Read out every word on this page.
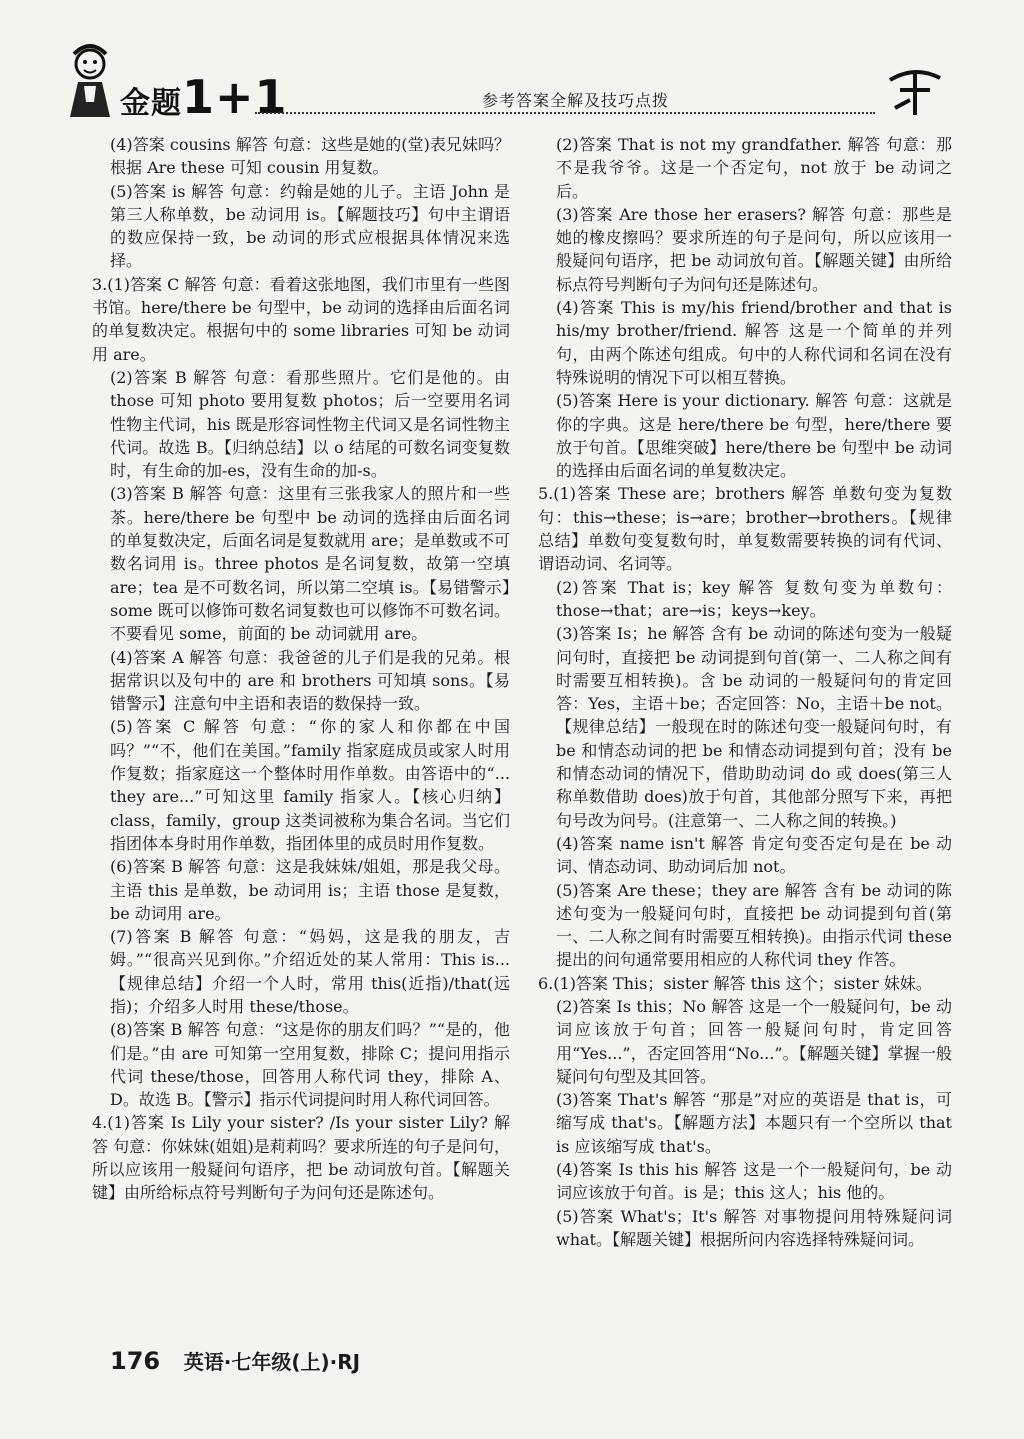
金题1+1	参考答案全解及技巧点拨

(4)答案 cousins 解答 句意：这些是她的(堂)表兄妹吗？根据 Are these 可知 cousin 用复数。

(5)答案 is 解答 句意：约翰是她的儿子。主语 John 是第三人称单数，be 动词用 is。【解题技巧】句中主谓语的数应保持一致，be 动词的形式应根据具体情况来选择。

3.(1)答案 C 解答 句意：看着这张地图，我们市里有一些图书馆。here/there be 句型中，be 动词的选择由后面名词的单复数决定。根据句中的 some libraries 可知 be 动词用 are。

(2)答案 B 解答 句意：看那些照片。它们是他的。由 those 可知 photo 要用复数 photos；后一空要用名词性物主代词，his 既是形容词性物主代词又是名词性物主代词。故选 B。【归纳总结】以 o 结尾的可数名词变复数时，有生命的加-es，没有生命的加-s。

(3)答案 B 解答 句意：这里有三张我家人的照片和一些茶。here/there be 句型中 be 动词的选择由后面名词的单复数决定，后面名词是复数就用 are；是单数或不可数名词用 is。three photos 是名词复数，故第一空填 are；tea 是不可数名词，所以第二空填 is。【易错警示】some 既可以修饰可数名词复数也可以修饰不可数名词。不要看见 some，前面的 be 动词就用 are。

(4)答案 A 解答 句意：我爸爸的儿子们是我的兄弟。根据常识以及句中的 are 和 brothers 可知填 sons。【易错警示】注意句中主语和表语的数保持一致。

(5)答案 C 解答 句意：“你的家人和你都在中国吗？”“不，他们在美国。”family 指家庭成员或家人时用作复数；指家庭这一个整体时用作单数。由答语中的“... they are...”可知这里 family 指家人。【核心归纳】class，family，group 这类词被称为集合名词。当它们指团体本身时用作单数，指团体里的成员时用作复数。

(6)答案 B 解答 句意：这是我妹妹/姐姐，那是我父母。主语 this 是单数，be 动词用 is；主语 those 是复数，be 动词用 are。

(7)答案 B 解答 句意：“妈妈，这是我的朋友，吉姆。”“很高兴见到你。”介绍近处的某人常用：This is...【规律总结】介绍一个人时，常用 this(近指)/that(远指)；介绍多人时用 these/those。

(8)答案 B 解答 句意：“这是你的朋友们吗？”“是的，他们是。”由 are 可知第一空用复数，排除 C；提问用指示代词 these/those，回答用人称代词 they，排除 A、D。故选 B。【警示】指示代词提问时用人称代词回答。

4.(1)答案 Is Lily your sister? /Is your sister Lily? 解答 句意：你妹妹(姐姐)是莉莉吗？要求所连的句子是问句，所以应该用一般疑问句语序，把 be 动词放句首。【解题关键】由所给标点符号判断句子为问句还是陈述句。

(2)答案 That is not my grandfather. 解答 句意：那不是我爷爷。这是一个否定句，not 放于 be 动词之后。

(3)答案 Are those her erasers? 解答 句意：那些是她的橡皮擦吗？要求所连的句子是问句，所以应该用一般疑问句语序，把 be 动词放句首。【解题关键】由所给标点符号判断句子为问句还是陈述句。

(4)答案 This is my/his friend/brother and that is his/my brother/friend. 解答 这是一个简单的并列句，由两个陈述句组成。句中的人称代词和名词在没有特殊说明的情况下可以相互替换。

(5)答案 Here is your dictionary. 解答 句意：这就是你的字典。这是 here/there be 句型，here/there 要放于句首。【思维突破】here/there be 句型中 be 动词的选择由后面名词的单复数决定。

5.(1)答案 These are；brothers 解答 单数句变为复数句：this→these；is→are；brother→brothers。【规律总结】单数句变复数句时，单复数需要转换的词有代词、谓语动词、名词等。

(2)答案 That is；key 解答 复数句变为单数句：those→that；are→is；keys→key。

(3)答案 Is；he 解答 含有 be 动词的陈述句变为一般疑问句时，直接把 be 动词提到句首(第一、二人称之间有时需要互相转换)。含 be 动词的一般疑问句的肯定回答：Yes，主语＋be；否定回答：No，主语＋be not。【规律总结】一般现在时的陈述句变一般疑问句时，有 be 和情态动词的把 be 和情态动词提到句首；没有 be 和情态动词的情况下，借助助动词 do 或 does(第三人称单数借助 does)放于句首，其他部分照写下来，再把句号改为问号。(注意第一、二人称之间的转换。)

(4)答案 name isn't 解答 肯定句变否定句是在 be 动词、情态动词、助动词后加 not。

(5)答案 Are these；they are 解答 含有 be 动词的陈述句变为一般疑问句时，直接把 be 动词提到句首(第一、二人称之间有时需要互相转换)。由指示代词 these 提出的问句通常要用相应的人称代词 they 作答。

6.(1)答案 This；sister 解答 this 这个；sister 妹妹。

(2)答案 Is this；No 解答 这是一个一般疑问句，be 动词应该放于句首；回答一般疑问句时，肯定回答用“Yes...”，否定回答用“No...”。【解题关键】掌握一般疑问句句型及其回答。

(3)答案 That's 解答 “那是”对应的英语是 that is，可缩写成 that's。【解题方法】本题只有一个空所以 that is 应该缩写成 that's。

(4)答案 Is this his 解答 这是一个一般疑问句，be 动词应该放于句首。is 是；this 这人；his 他的。

(5)答案 What's；It's 解答 对事物提问用特殊疑问词 what。【解题关键】根据所问内容选择特殊疑问词。

176 英语·七年级(上)·RJ
